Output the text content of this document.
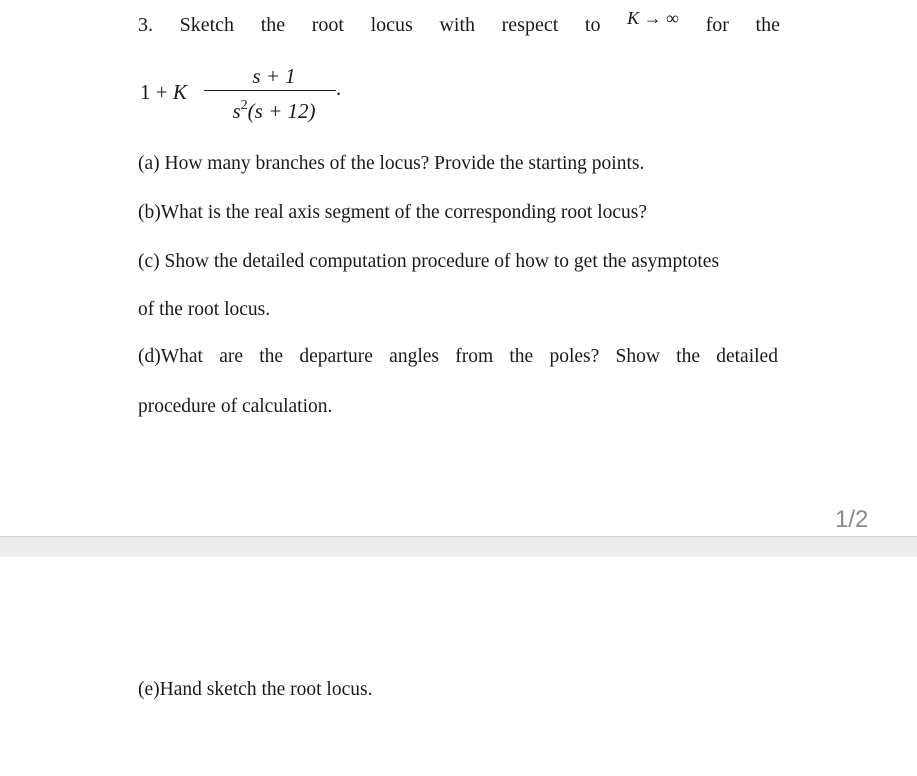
3. Sketch the root locus with respect to K → ∞ for the
1 + K
s + 1
$s^2(s + 12)$
.
(a) How many branches of the locus? Provide the starting points.
(b)What is the real axis segment of the corresponding root locus?
(c) Show the detailed computation procedure of how to get the asymptotes
of the root locus.
(d)What are the departure angles from the poles? Show the detailed
procedure of calculation.
1/2
(e)Hand sketch the root locus.
